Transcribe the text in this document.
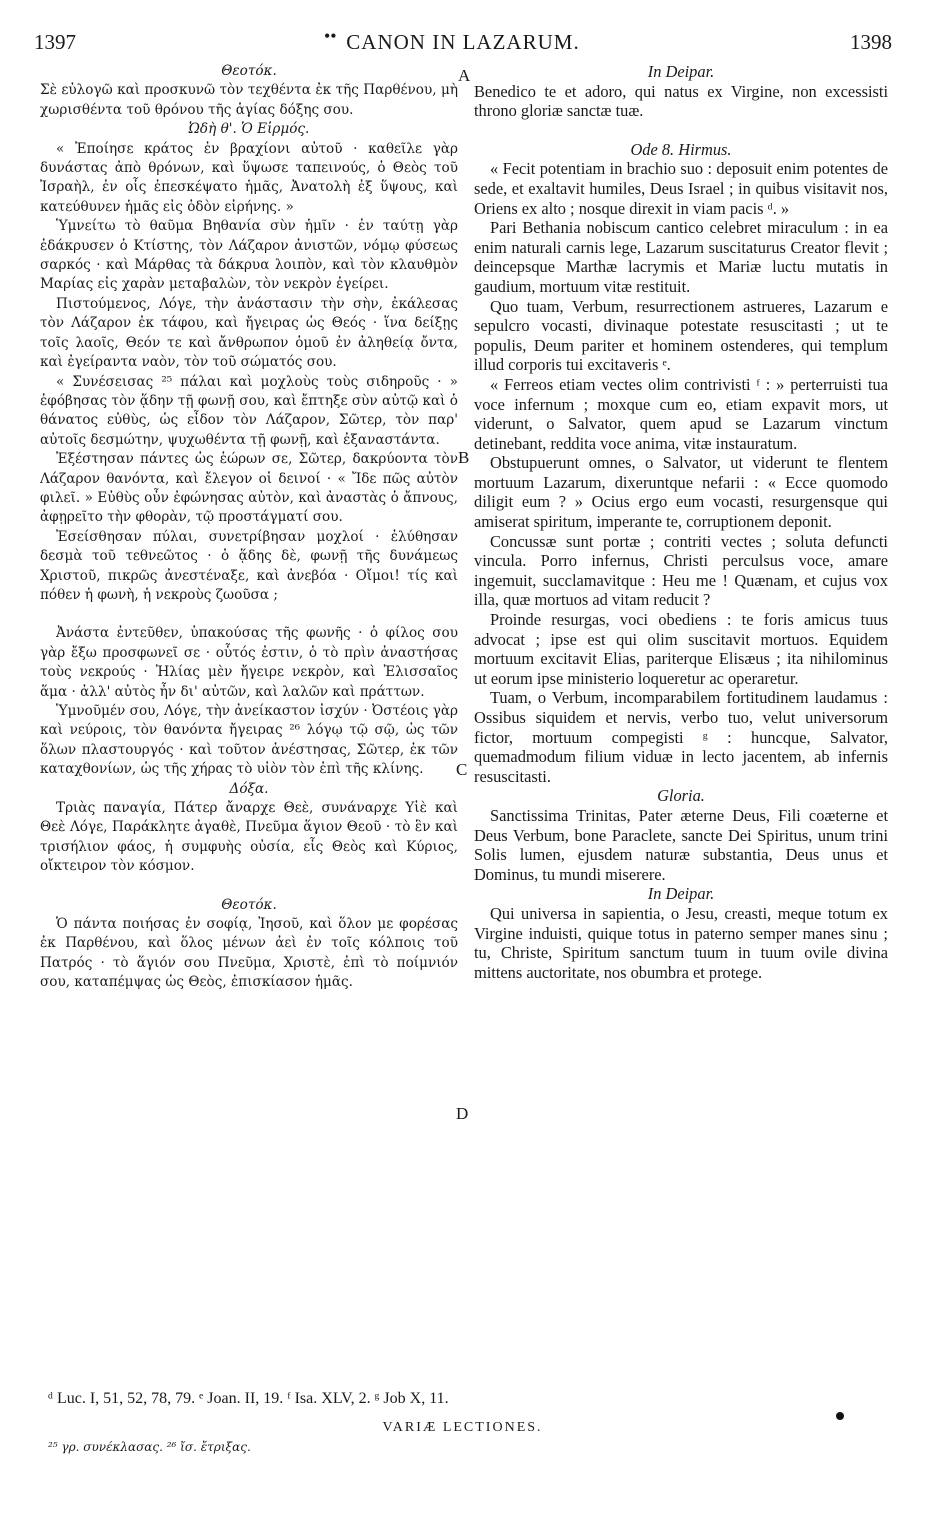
1397	•• CANON IN LAZARUM.	1398

Θεοτόκ.

Σὲ εὐλογῶ καὶ προσκυνῶ τὸν τεχθέντα ἐκ τῆς Παρθένου, μὴ χωρισθέντα τοῦ θρόνου τῆς ἁγίας δόξης σου.

Ὠδὴ θ'. Ὁ Εἱρμός.

« Ἐποίησε κράτος ἐν βραχίονι αὐτοῦ · καθεῖλε γὰρ δυνάστας ἀπὸ θρόνων, καὶ ὕψωσε ταπεινούς, ὁ Θεὸς τοῦ Ἰσραὴλ, ἐν οἷς ἐπεσκέψατο ἡμᾶς, Ἀνατολὴ ἐξ ὕψους, καὶ κατεύθυνεν ἡμᾶς εἰς ὁδὸν εἰρήνης. »

Ὑμνείτω τὸ θαῦμα Βηθανία σὺν ἡμῖν · ἐν ταύτῃ γὰρ ἐδάκρυσεν ὁ Κτίστης, τὸν Λάζαρον ἀνιστῶν, νόμῳ φύσεως σαρκός · καὶ Μάρθας τὰ δάκρυα λοιπὸν, καὶ τὸν κλαυθμὸν Μαρίας εἰς χαρὰν μεταβαλὼν, τὸν νεκρὸν ἐγείρει.

Πιστούμενος, Λόγε, τὴν ἀνάστασιν τὴν σὴν, ἐκάλεσας τὸν Λάζαρον ἐκ τάφου, καὶ ἤγειρας ὡς Θεός · ἵνα δείξῃς τοῖς λαοῖς, Θεόν τε καὶ ἄνθρωπον ὁμοῦ ἐν ἀληθείᾳ ὄντα, καὶ ἐγείραντα ναὸν, τὸν τοῦ σώματός σου.

« Συνέσεισας ²⁵ πάλαι καὶ μοχλοὺς τοὺς σιδηροῦς · » ἐφόβησας τὸν ᾅδην τῇ φωνῇ σου, καὶ ἔπτηξε σὺν αὐτῷ καὶ ὁ θάνατος εὐθὺς, ὡς εἶδον τὸν Λάζαρον, Σῶτερ, τὸν παρ' αὐτοῖς δεσμώτην, ψυχωθέντα τῇ φωνῇ, καὶ ἐξαναστάντα.

Ἐξέστησαν πάντες ὡς ἑώρων σε, Σῶτερ, δακρύοντα τὸν Λάζαρον θανόντα, καὶ ἔλεγον οἱ δεινοί · « Ἴδε πῶς αὐτὸν φιλεῖ. » Εὐθὺς οὖν ἐφώνησας αὐτὸν, καὶ ἀναστὰς ὁ ἄπνους, ἀφῃρεῖτο τὴν φθορὰν, τῷ προστάγματί σου.

Ἐσείσθησαν πύλαι, συνετρίβησαν μοχλοί · ἐλύθησαν δεσμὰ τοῦ τεθνεῶτος · ὁ ᾅδης δὲ, φωνῇ τῆς δυνάμεως Χριστοῦ, πικρῶς ἀνεστέναξε, καὶ ἀνεβόα · Οἴμοι! τίς καὶ πόθεν ἡ φωνὴ, ἡ νεκροὺς ζωοῦσα ;

Ἀνάστα ἐντεῦθεν, ὑπακούσας τῆς φωνῆς · ὁ φίλος σου γὰρ ἔξω προσφωνεῖ σε · οὗτός ἐστιν, ὁ τὸ πρὶν ἀναστήσας τοὺς νεκρούς · Ἠλίας μὲν ἤγειρε νεκρὸν, καὶ Ἐλισσαῖος ἅμα · ἀλλ' αὐτὸς ἦν δι' αὐτῶν, καὶ λαλῶν καὶ πράττων.

Ὑμνοῦμέν σου, Λόγε, τὴν ἀνείκαστον ἰσχύν · Ὀστέοις γὰρ καὶ νεύροις, τὸν θανόντα ἤγειρας ²⁶ λόγῳ τῷ σῷ, ὡς τῶν ὅλων πλαστουργός · καὶ τοῦτον ἀνέστησας, Σῶτερ, ἐκ τῶν καταχθονίων, ὡς τῆς χήρας τὸ υἱὸν τὸν ἐπὶ τῆς κλίνης.

Δόξα.

Τριὰς παναγία, Πάτερ ἄναρχε Θεὲ, συνάναρχε Υἱὲ καὶ Θεὲ Λόγε, Παράκλητε ἀγαθὲ, Πνεῦμα ἅγιον Θεοῦ · τὸ ἓν καὶ τρισήλιον φάος, ἡ συμφυὴς οὐσία, εἷς Θεὸς καὶ Κύριος, οἴκτειρον τὸν κόσμον.

Θεοτόκ.

Ὁ πάντα ποιήσας ἐν σοφίᾳ, Ἰησοῦ, καὶ ὅλον με φορέσας ἐκ Παρθένου, καὶ ὅλος μένων ἀεὶ ἐν τοῖς κόλποις τοῦ Πατρός · τὸ ἅγιόν σου Πνεῦμα, Χριστὲ, ἐπὶ τὸ ποίμνιόν σου, καταπέμψας ὡς Θεὸς, ἐπισκίασον ἡμᾶς.

A
B
C
D

In Deipar.

Benedico te et adoro, qui natus ex Virgine, non excessisti throno gloriæ sanctæ tuæ.

Ode 8. Hirmus.

« Fecit potentiam in brachio suo : deposuit enim potentes de sede, et exaltavit humiles, Deus Israel ; in quibus visitavit nos, Oriens ex alto ; nosque direxit in viam pacis ᵈ. »

Pari Bethania nobiscum cantico celebret miraculum : in ea enim naturali carnis lege, Lazarum suscitaturus Creator flevit ; deincepsque Marthæ lacrymis et Mariæ luctu mutatis in gaudium, mortuum vitæ restituit.

Quo tuam, Verbum, resurrectionem astrueres, Lazarum e sepulcro vocasti, divinaque potestate resuscitasti ; ut te populis, Deum pariter et hominem ostenderes, qui templum illud corporis tui excitaveris ᵉ.

« Ferreos etiam vectes olim contrivisti ᶠ : » perterruisti tua voce infernum ; moxque cum eo, etiam expavit mors, ut viderunt, o Salvator, quem apud se Lazarum vinctum detinebant, reddita voce anima, vitæ instauratum.

Obstupuerunt omnes, o Salvator, ut viderunt te flentem mortuum Lazarum, dixeruntque nefarii : « Ecce quomodo diligit eum ? » Ocius ergo eum vocasti, resurgensque qui amiserat spiritum, imperante te, corruptionem deponit.

Concussæ sunt portæ ; contriti vectes ; soluta defuncti vincula. Porro infernus, Christi perculsus voce, amare ingemuit, succlamavitque : Heu me ! Quænam, et cujus vox illa, quæ mortuos ad vitam reducit ?

Proinde resurgas, voci obediens : te foris amicus tuus advocat ; ipse est qui olim suscitavit mortuos. Equidem mortuum excitavit Elias, pariterque Elisæus ; ita nihilominus ut eorum ipse ministerio loqueretur ac operaretur.

Tuam, o Verbum, incomparabilem fortitudinem laudamus : Ossibus siquidem et nervis, verbo tuo, velut universorum fictor, mortuum compegisti ᵍ : huncque, Salvator, quemadmodum filium viduæ in lecto jacentem, ab infernis resuscitasti.

Gloria.

Sanctissima Trinitas, Pater æterne Deus, Fili coæterne et Deus Verbum, bone Paraclete, sancte Dei Spiritus, unum trini Solis lumen, ejusdem naturæ substantia, Deus unus et Dominus, tu mundi miserere.

In Deipar.

Qui universa in sapientia, o Jesu, creasti, meque totum ex Virgine induisti, quique totus in paterno semper manes sinu ; tu, Christe, Spiritum sanctum tuum in tuum ovile divina mittens auctoritate, nos obumbra et protege.

ᵈ Luc. I, 51, 52, 78, 79. ᵉ Joan. II, 19. ᶠ Isa. XLV, 2. ᵍ Job X, 11.
VARIÆ LECTIONES.
²⁵ γρ. συνέκλασας. ²⁶ ἴσ. ἔτριξας.
